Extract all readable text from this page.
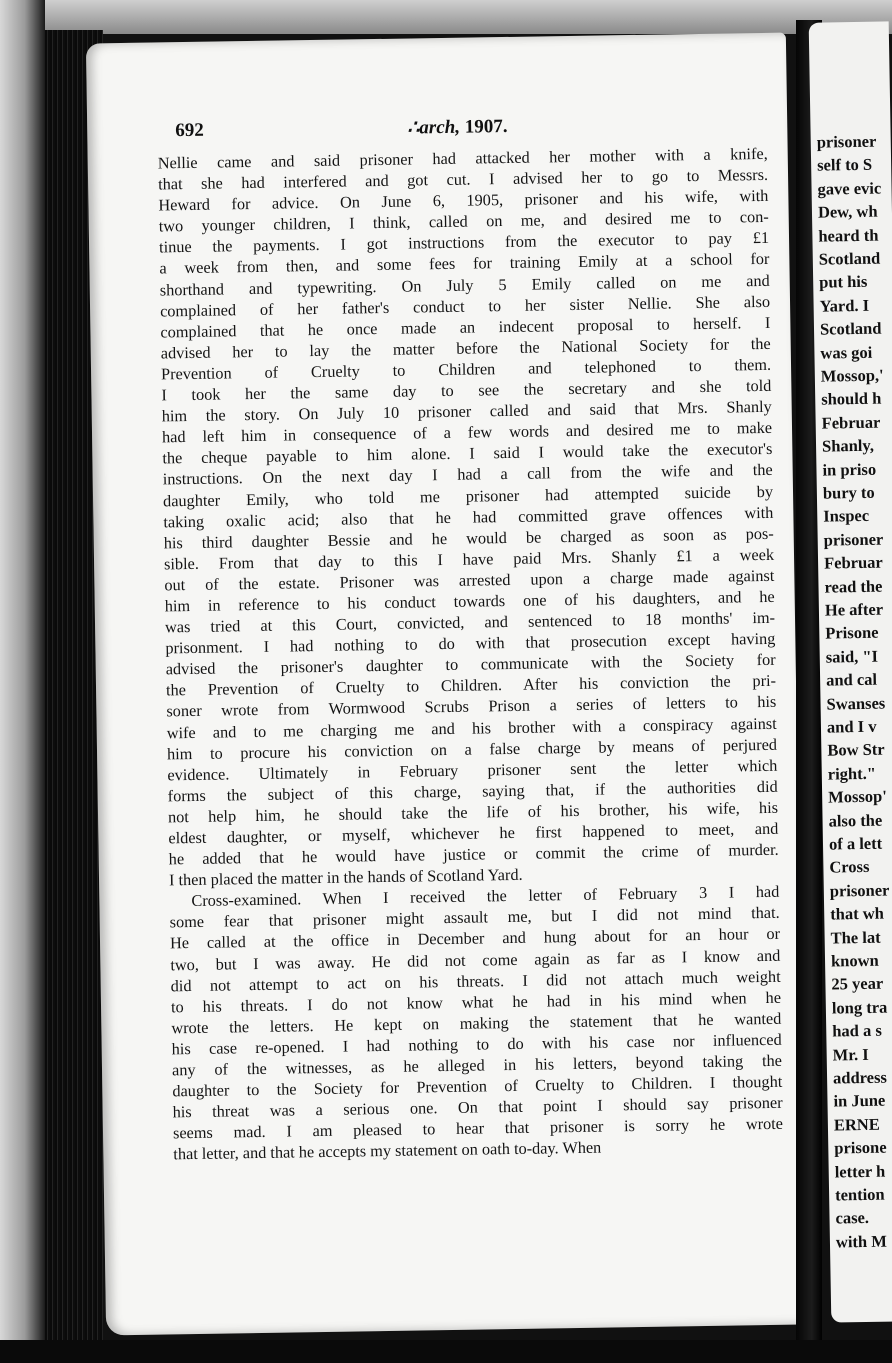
692	∴arch, 1907.
Nellie came and said prisoner had attacked her mother with a knife,
that she had interfered and got cut. I advised her to go to Messrs.
Heward for advice. On June 6, 1905, prisoner and his wife, with
two younger children, I think, called on me, and desired me to con-
tinue the payments. I got instructions from the executor to pay £1
a week from then, and some fees for training Emily at a school for
shorthand and typewriting. On July 5 Emily called on me and
complained of her father's conduct to her sister Nellie. She also
complained that he once made an indecent proposal to herself. I
advised her to lay the matter before the National Society for the
Prevention of Cruelty to Children and telephoned to them.
I took her the same day to see the secretary and she told
him the story. On July 10 prisoner called and said that Mrs. Shanly
had left him in consequence of a few words and desired me to make
the cheque payable to him alone. I said I would take the executor's
instructions. On the next day I had a call from the wife and the
daughter Emily, who told me prisoner had attempted suicide by
taking oxalic acid; also that he had committed grave offences with
his third daughter Bessie and he would be charged as soon as pos-
sible. From that day to this I have paid Mrs. Shanly £1 a week
out of the estate. Prisoner was arrested upon a charge made against
him in reference to his conduct towards one of his daughters, and he
was tried at this Court, convicted, and sentenced to 18 months' im-
prisonment. I had nothing to do with that prosecution except having
advised the prisoner's daughter to communicate with the Society for
the Prevention of Cruelty to Children. After his conviction the pri-
soner wrote from Wormwood Scrubs Prison a series of letters to his
wife and to me charging me and his brother with a conspiracy against
him to procure his conviction on a false charge by means of perjured
evidence. Ultimately in February prisoner sent the letter which
forms the subject of this charge, saying that, if the authorities did
not help him, he should take the life of his brother, his wife, his
eldest daughter, or myself, whichever he first happened to meet, and
he added that he would have justice or commit the crime of murder.
I then placed the matter in the hands of Scotland Yard.
Cross-examined. When I received the letter of February 3 I had
some fear that prisoner might assault me, but I did not mind that.
He called at the office in December and hung about for an hour or
two, but I was away. He did not come again as far as I know and
did not attempt to act on his threats. I did not attach much weight
to his threats. I do not know what he had in his mind when he
wrote the letters. He kept on making the statement that he wanted
his case re-opened. I had nothing to do with his case nor influenced
any of the witnesses, as he alleged in his letters, beyond taking the
daughter to the Society for Prevention of Cruelty to Children. I thought
his threat was a serious one. On that point I should say prisoner
seems mad. I am pleased to hear that prisoner is sorry he wrote
that letter, and that he accepts my statement on oath to-day. When
prisoner
self to S
gave evic
Dew, wh
heard th
Scotland
put his
Yard. I
Scotland
was goi
Mossop,'
should h
Februar
Shanly,
in priso
bury to
Inspec
prisoner
Februar
read the
He after
Prisone
said, "I
and cal
Swanses
and I v
Bow Str
right."
Mossop'
also the
of a lett
Cross
prisoner
that wh
The lat
known
25 year
long tra
had a s
Mr. I
address
in June
ERNE
prisone
letter h
tention
case.
with M
